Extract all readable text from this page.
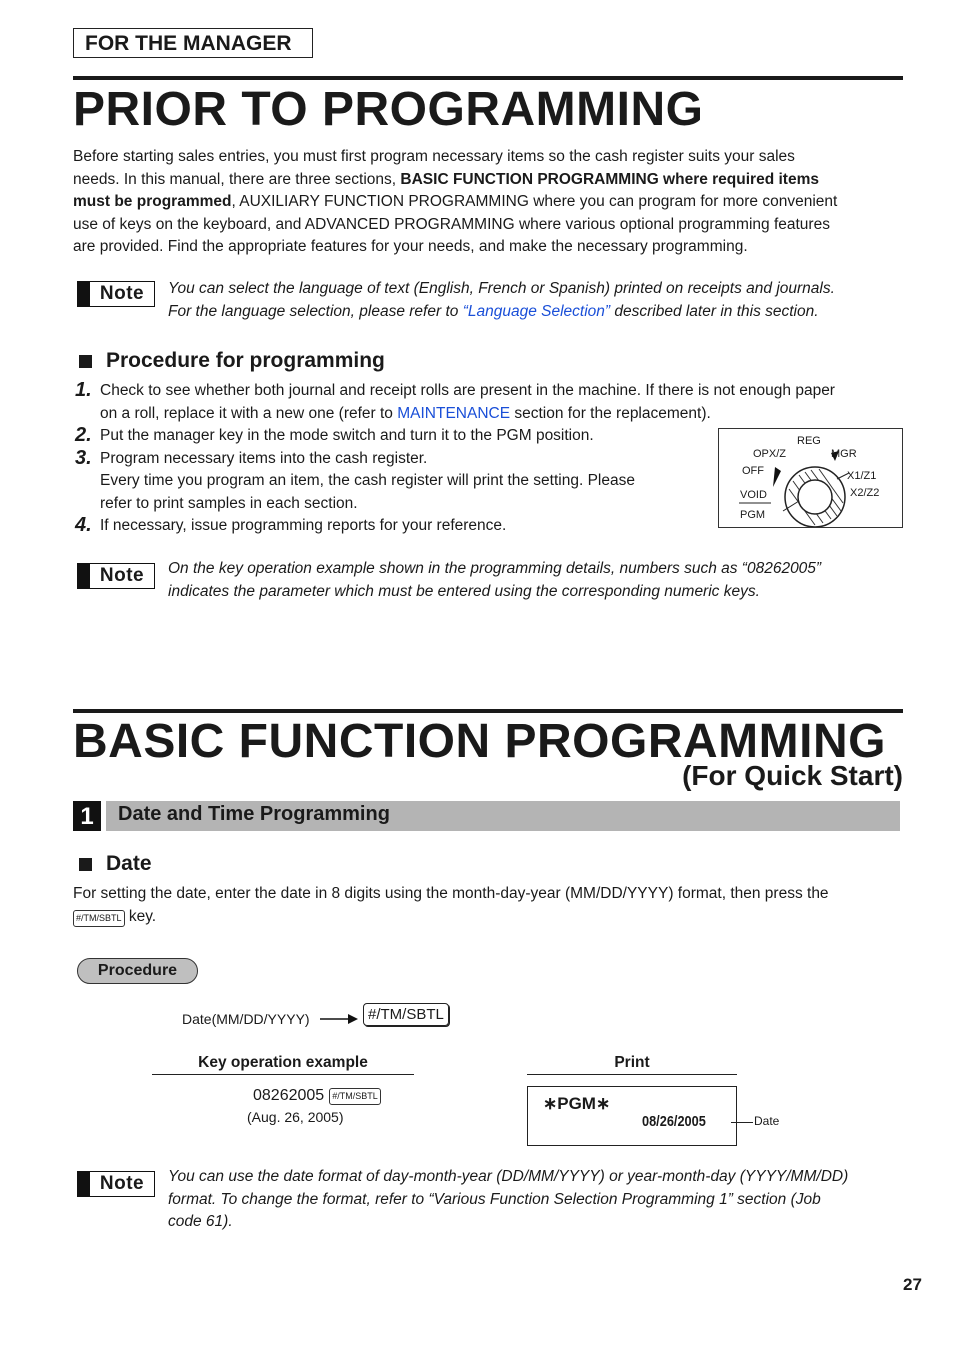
FOR THE MANAGER
PRIOR TO PROGRAMMING
Before starting sales entries, you must first program necessary items so the cash register suits your sales
needs. In this manual, there are three sections, BASIC FUNCTION PROGRAMMING where required items
must be programmed, AUXILIARY FUNCTION PROGRAMMING where you can program for more convenient
use of keys on the keyboard, and ADVANCED PROGRAMMING where various optional programming features
are provided. Find the appropriate features for your needs, and make the necessary programming.
Note	You can select the language of text (English, French or Spanish) printed on receipts and journals.
For the language selection, please refer to “Language Selection” described later in this section.
Procedure for programming
1. Check to see whether both journal and receipt rolls are present in the machine. If there is not enough paper
on a roll, replace it with a new one (refer to MAINTENANCE section for the replacement).
2. Put the manager key in the mode switch and turn it to the PGM position.
3. Program necessary items into the cash register.
Every time you program an item, the cash register will print the setting. Please
refer to print samples in each section.
4. If necessary, issue programming reports for your reference.
REG
OPX/Z	MGR
OFF	X1/Z1
VOID	X2/Z2
PGM
Note	On the key operation example shown in the programming details, numbers such as “08262005”
indicates the parameter which must be entered using the corresponding numeric keys.
BASIC FUNCTION PROGRAMMING
(For Quick Start)
1	Date and Time Programming
Date
For setting the date, enter the date in 8 digits using the month-day-year (MM/DD/YYYY) format, then press the
#/TM/SBTL key.
Procedure
Date(MM/DD/YYYY)	#/TM/SBTL
Key operation example	Print
08262005 #/TM/SBTL
(Aug. 26, 2005)
∗PGM∗
08/26/2005	Date
Note	You can use the date format of day-month-year (DD/MM/YYYY) or year-month-day (YYYY/MM/DD)
format. To change the format, refer to “Various Function Selection Programming 1” section (Job
code 61).
27
